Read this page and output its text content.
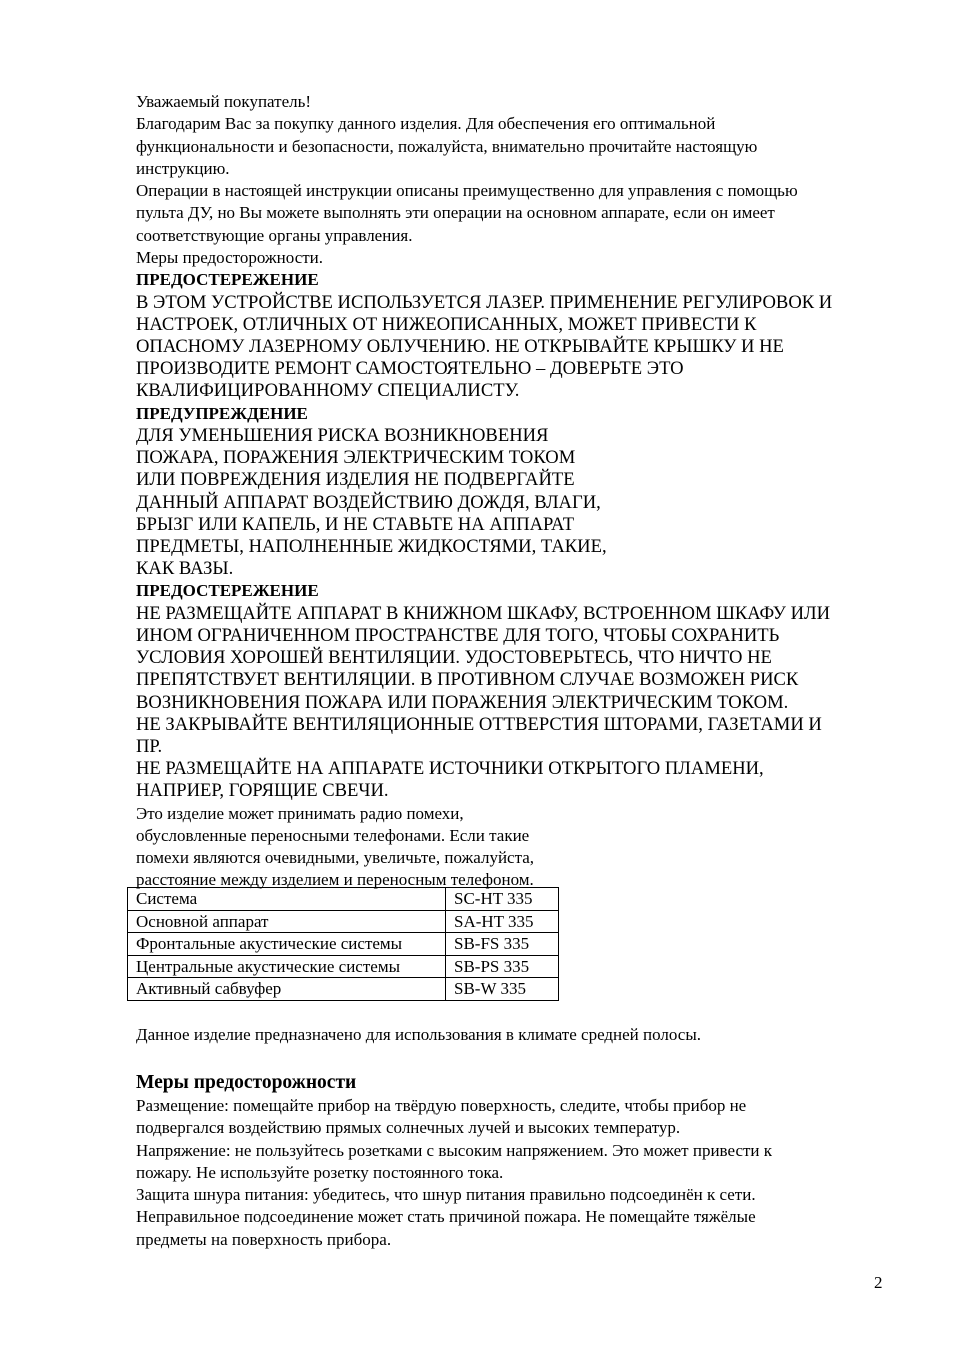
Уважаемый покупатель!
Благодарим Вас за покупку данного изделия. Для обеспечения его оптимальной
функциональности и безопасности, пожалуйста, внимательно прочитайте настоящую
инструкцию.
Операции в настоящей инструкции описаны преимущественно для управления с помощью
пульта ДУ, но Вы можете выполнять эти операции на основном аппарате, если он имеет
соответствующие органы управления.
Меры предосторожности.
ПРЕДОСТЕРЕЖЕНИЕ
В ЭТОМ УСТРОЙСТВЕ ИСПОЛЬЗУЕТСЯ ЛАЗЕР. ПРИМЕНЕНИЕ РЕГУЛИРОВОК И
НАСТРОЕК, ОТЛИЧНЫХ ОТ НИЖЕОПИСАННЫХ, МОЖЕТ ПРИВЕСТИ К
ОПАСНОМУ ЛАЗЕРНОМУ ОБЛУЧЕНИЮ. НЕ ОТКРЫВАЙТЕ КРЫШКУ И НЕ
ПРОИЗВОДИТЕ РЕМОНТ САМОСТОЯТЕЛЬНО – ДОВЕРЬТЕ ЭТО
КВАЛИФИЦИРОВАННОМУ СПЕЦИАЛИСТУ.
ПРЕДУПРЕЖДЕНИЕ
ДЛЯ УМЕНЬШЕНИЯ РИСКА ВОЗНИКНОВЕНИЯ
ПОЖАРА, ПОРАЖЕНИЯ ЭЛЕКТРИЧЕСКИМ ТОКОМ
ИЛИ ПОВРЕЖДЕНИЯ ИЗДЕЛИЯ НЕ ПОДВЕРГАЙТЕ
ДАННЫЙ АППАРАТ ВОЗДЕЙСТВИЮ ДОЖДЯ, ВЛАГИ,
БРЫЗГ ИЛИ КАПЕЛЬ, И НЕ СТАВЬТЕ НА АППАРАТ
ПРЕДМЕТЫ, НАПОЛНЕННЫЕ ЖИДКОСТЯМИ, ТАКИЕ,
КАК ВАЗЫ.
ПРЕДОСТЕРЕЖЕНИЕ
НЕ РАЗМЕЩАЙТЕ АППАРАТ В КНИЖНОМ ШКАФУ, ВСТРОЕННОМ ШКАФУ ИЛИ
ИНОМ ОГРАНИЧЕННОМ ПРОСТРАНСТВЕ ДЛЯ ТОГО, ЧТОБЫ СОХРАНИТЬ
УСЛОВИЯ ХОРОШЕЙ ВЕНТИЛЯЦИИ. УДОСТОВЕРЬТЕСЬ, ЧТО НИЧТО НЕ
ПРЕПЯТСТВУЕТ ВЕНТИЛЯЦИИ. В ПРОТИВНОМ СЛУЧАЕ ВОЗМОЖЕН РИСК
ВОЗНИКНОВЕНИЯ ПОЖАРА ИЛИ ПОРАЖЕНИЯ ЭЛЕКТРИЧЕСКИМ ТОКОМ.
НЕ ЗАКРЫВАЙТЕ ВЕНТИЛЯЦИОННЫЕ ОТТВЕРСТИЯ ШТОРАМИ, ГАЗЕТАМИ И
ПР.
НЕ РАЗМЕЩАЙТЕ НА АППАРАТЕ ИСТОЧНИКИ ОТКРЫТОГО ПЛАМЕНИ,
НАПРИЕР, ГОРЯЩИЕ СВЕЧИ.
Это изделие может принимать радио помехи,
обусловленные переносными телефонами. Если такие
помехи являются очевидными, увеличьте, пожалуйста,
расстояние между изделием и переносным телефоном.
Система	SC-HT 335
Основной аппарат	SA-HT 335
Фронтальные акустические системы	SB-FS 335
Центральные акустические системы	SB-PS 335
Активный сабвуфер	SB-W 335
Данное изделие предназначено для использования в климате средней полосы.
Меры предосторожности
Размещение: помещайте прибор на твёрдую поверхность, следите, чтобы прибор не
подвергался воздействию прямых солнечных лучей и высоких температур.
Напряжение: не пользуйтесь розетками с высоким напряжением. Это может привести к
пожару. Не используйте розетку постоянного тока.
Защита шнура питания: убедитесь, что шнур питания правильно подсоединён к сети.
Неправильное подсоединение может стать причиной пожара. Не помещайте тяжёлые
предметы на поверхность прибора.
2
